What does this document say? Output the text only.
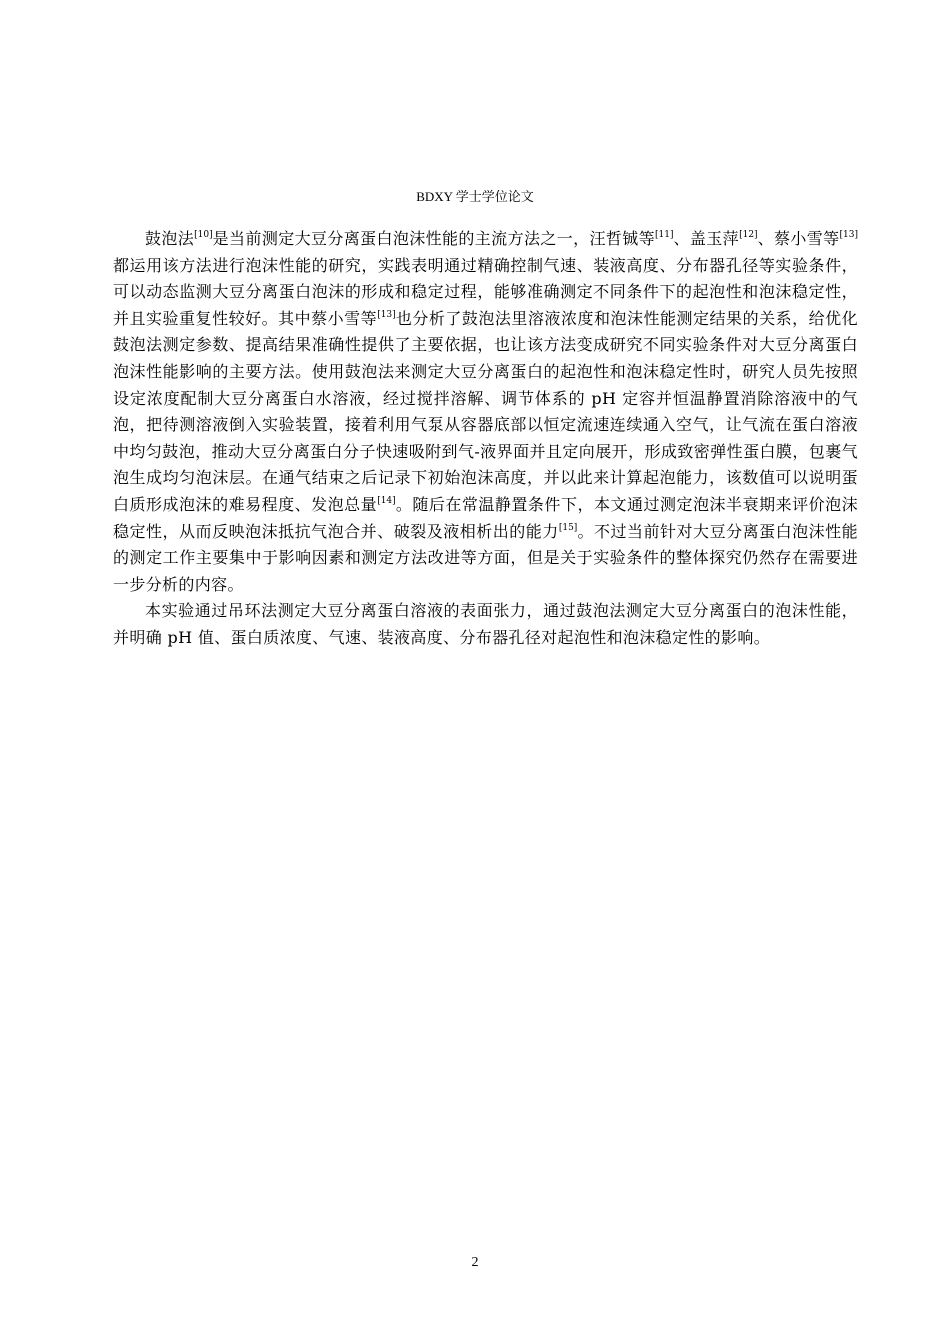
BDXY 学士学位论文

鼓泡法[10]是当前测定大豆分离蛋白泡沫性能的主流方法之一，汪哲铖等[11]、盖玉萍[12]、蔡小雪等[13]都运用该方法进行泡沫性能的研究，实践表明通过精确控制气速、装液高度、分布器孔径等实验条件，可以动态监测大豆分离蛋白泡沫的形成和稳定过程，能够准确测定不同条件下的起泡性和泡沫稳定性，并且实验重复性较好。其中蔡小雪等[13]也分析了鼓泡法里溶液浓度和泡沫性能测定结果的关系，给优化鼓泡法测定参数、提高结果准确性提供了主要依据，也让该方法变成研究不同实验条件对大豆分离蛋白泡沫性能影响的主要方法。使用鼓泡法来测定大豆分离蛋白的起泡性和泡沫稳定性时，研究人员先按照设定浓度配制大豆分离蛋白水溶液，经过搅拌溶解、调节体系的 pH 定容并恒温静置消除溶液中的气泡，把待测溶液倒入实验装置，接着利用气泵从容器底部以恒定流速连续通入空气，让气流在蛋白溶液中均匀鼓泡，推动大豆分离蛋白分子快速吸附到气-液界面并且定向展开，形成致密弹性蛋白膜，包裹气泡生成均匀泡沫层。在通气结束之后记录下初始泡沫高度，并以此来计算起泡能力，该数值可以说明蛋白质形成泡沫的难易程度、发泡总量[14]。随后在常温静置条件下，本文通过测定泡沫半衰期来评价泡沫稳定性，从而反映泡沫抵抗气泡合并、破裂及液相析出的能力[15]。不过当前针对大豆分离蛋白泡沫性能的测定工作主要集中于影响因素和测定方法改进等方面，但是关于实验条件的整体探究仍然存在需要进一步分析的内容。

本实验通过吊环法测定大豆分离蛋白溶液的表面张力，通过鼓泡法测定大豆分离蛋白的泡沫性能，并明确 pH 值、蛋白质浓度、气速、装液高度、分布器孔径对起泡性和泡沫稳定性的影响。

2
